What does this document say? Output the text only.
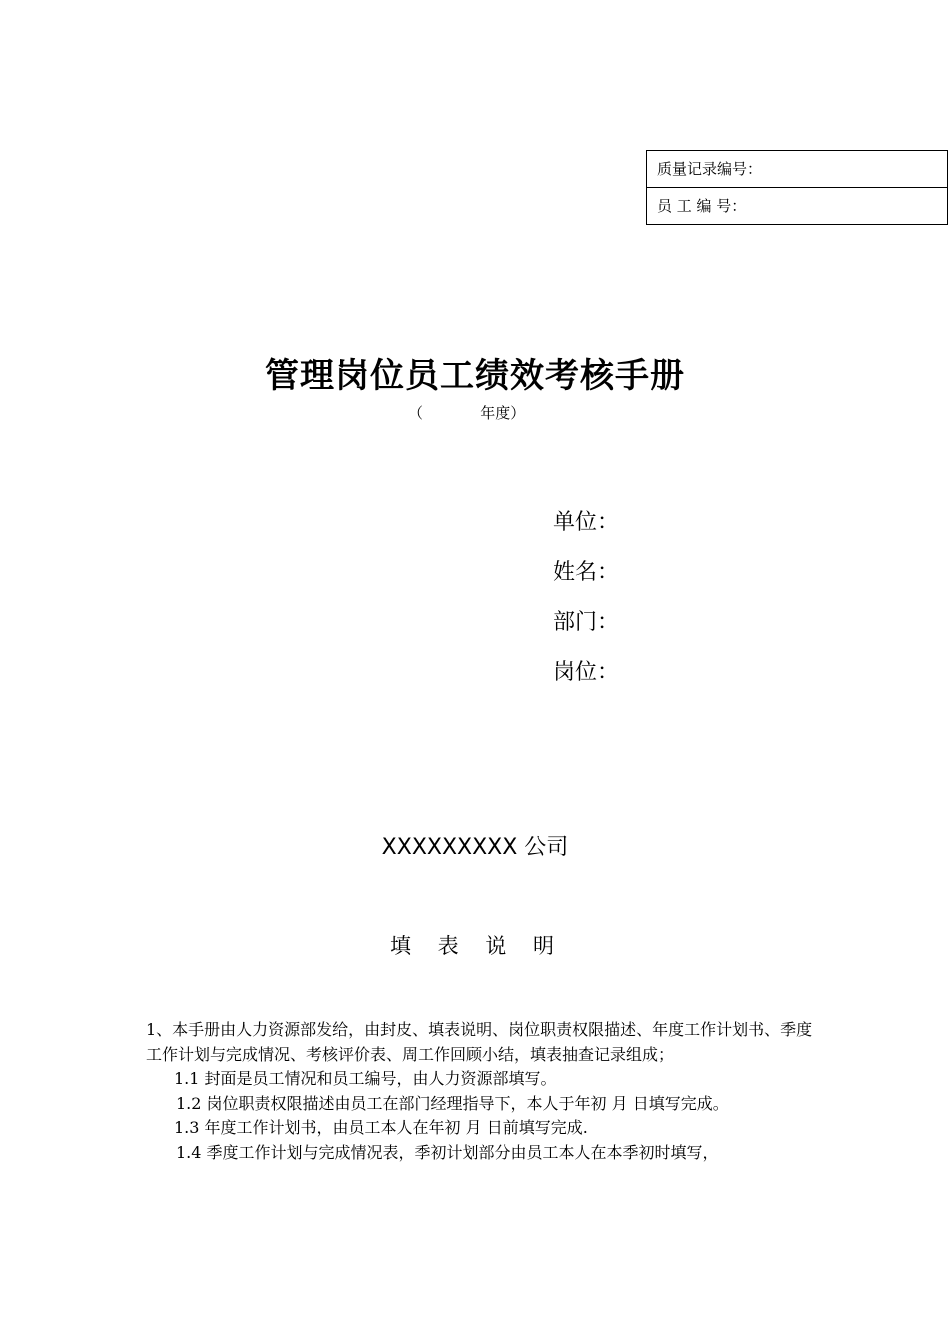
质量记录编号：
员 工 编 号：
管理岗位员工绩效考核手册
（            年度）
单位：
姓名：
部门：
岗位：
XXXXXXXXX 公司
填 表 说 明

1、本手册由人力资源部发给，由封皮、填表说明、岗位职责权限描述、年度工作计划书、季度工作计划与完成情况、考核评价表、周工作回顾小结，填表抽查记录组成；

1.1 封面是员工情况和员工编号，由人力资源部填写。

1.2 岗位职责权限描述由员工在部门经理指导下，本人于年初 月 日填写完成。

1.3 年度工作计划书，由员工本人在年初 月 日前填写完成.

1.4 季度工作计划与完成情况表，季初计划部分由员工本人在本季初时填写，
